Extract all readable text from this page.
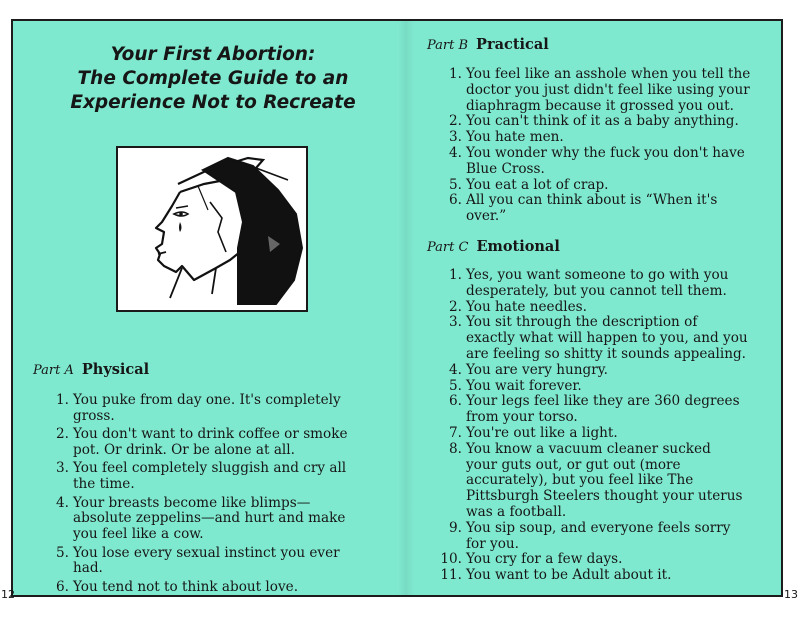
12	13
Your First Abortion:
The Complete Guide to an
Experience Not to Recreate
Part A Physical
1. You puke from day one. It's completely
gross.
2. You don't want to drink coffee or smoke
pot. Or drink. Or be alone at all.
3. You feel completely sluggish and cry all
the time.
4. Your breasts become like blimps—
absolute zeppelins—and hurt and make
you feel like a cow.
5. You lose every sexual instinct you ever
had.
6. You tend not to think about love.
Part B Practical
1. You feel like an asshole when you tell the
doctor you just didn't feel like using your
diaphragm because it grossed you out.
2. You can't think of it as a baby anything.
3. You hate men.
4. You wonder why the fuck you don't have
Blue Cross.
5. You eat a lot of crap.
6. All you can think about is “When it's
over.”
Part C Emotional
1. Yes, you want someone to go with you
desperately, but you cannot tell them.
2. You hate needles.
3. You sit through the description of
exactly what will happen to you, and you
are feeling so shitty it sounds appealing.
4. You are very hungry.
5. You wait forever.
6. Your legs feel like they are 360 degrees
from your torso.
7. You're out like a light.
8. You know a vacuum cleaner sucked
your guts out, or gut out (more
accurately), but you feel like The
Pittsburgh Steelers thought your uterus
was a football.
9. You sip soup, and everyone feels sorry
for you.
10. You cry for a few days.
11. You want to be Adult about it.
